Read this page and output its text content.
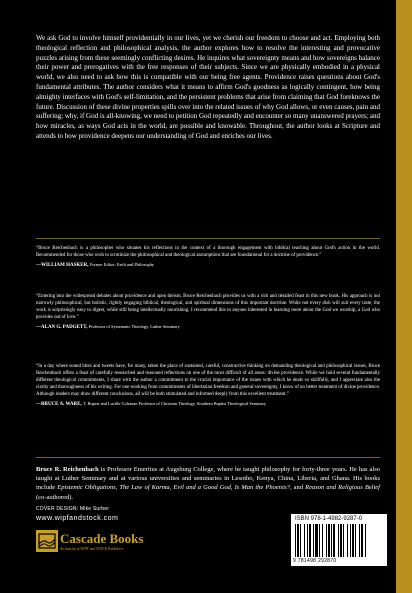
We ask God to involve himself providentially in our lives, yet we cherish our freedom to choose and act. Employing both theological reflection and philosophical analysis, the author explores how to resolve the interesting and provocative puzzles arising from these seemingly conflicting desires. He inquires what sovereignty means and how sovereigns balance their power and prerogatives with the free responses of their subjects. Since we are physically embodied in a physical world, we also need to ask how this is compatible with our being free agents. Providence raises questions about God's fundamental attributes. The author considers what it means to affirm God's goodness as logically contingent, how being almighty interfaces with God's self-limitation, and the persistent problems that arise from claiming that God foreknows the future. Discussion of these divine properties spills over into the related issues of why God allows, or even causes, pain and suffering; why, if God is all-knowing, we need to petition God repeatedly and encounter so many unanswered prayers; and how miracles, as ways God acts in the world, are possible and knowable. Throughout, the author looks at Scripture and attends to how providence deepens our understanding of God and enriches our lives.

“Bruce Reichenbach is a philosopher who situates his reflections in the context of a thorough engagement with biblical teaching about God's action in the world. Recommended for those who wish to scrutinize the philosophical and theological assumptions that are foundational for a doctrine of providence.”

—WILLIAM HASKER, Former Editor, Faith and Philosophy

“Entering into the widespread debates about providence and open theism, Bruce Reichenbach provides us with a rich and detailed feast in this new book. His approach is not narrowly philosophical, but holistic, rightly engaging biblical, theological, and spiritual dimensions of this important doctrine. While not every dish will suit every taste, the work is surprisingly easy to digest, while still being intellectually nourishing. I recommend this to anyone interested in learning more about the God we worship, a God who provides out of love.”

—ALAN G. PADGETT, Professor of Systematic Theology, Luther Seminary

“In a day where sound bites and tweets have, for many, taken the place of sustained, careful, constructive thinking on demanding theological and philosophical issues, Bruce Reichenbach offers a feast of carefully researched and reasoned reflections on one of the most difficult of all areas: divine providence. While we hold several fundamentally different theological commitments, I share with the author a commitment to the crucial importance of the issues with which he deals so skillfully, and I appreciate also the clarity and thoroughness of his writing. For one working from commitments of libertarian freedom and general sovereignty, I know of no better treatment of divine providence. Although readers may draw different conclusions, all will be both stimulated and informed deeply from this excellent treatment.”

—BRUCE A. WARE, T. Rupert and Lucille Coleman Professor of Christian Theology, Southern Baptist Theological Seminary
Bruce R. Reichenbach is Professor Emeritus at Augsburg College, where he taught philosophy for forty-three years. He has also taught at Luther Seminary and at various universities and seminaries in Lesotho, Kenya, China, Liberia, and Ghana. His books include Epistemic Obligations, The Law of Karma, Evil and a Good God, Is Man the Phoenix?, and Reason and Religious Belief (co-authored).
COVER DESIGN: Mike Surber
www.wipfandstock.com
Cascade Books
An Imprint of WIPF and STOCK Publishers
ISBN 978-1-4982-9287-0
9 781498 292870
